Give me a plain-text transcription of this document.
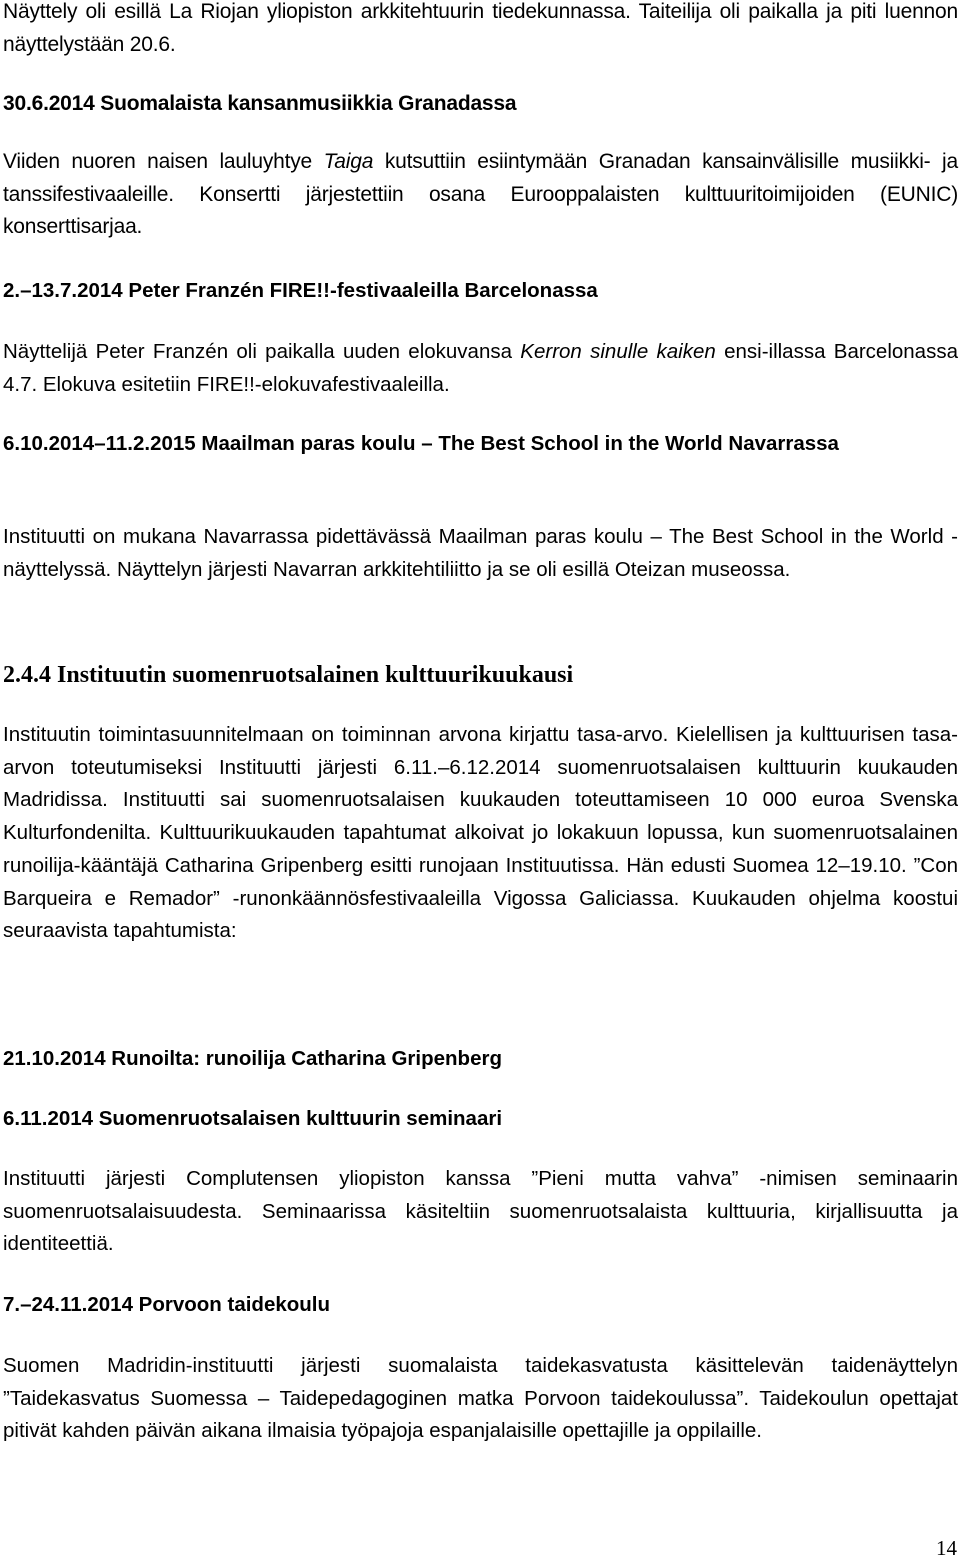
Näyttely oli esillä La Riojan yliopiston arkkitehtuurin tiedekunnassa. Taiteilija oli paikalla ja piti luennon näyttelystään 20.6.

30.6.2014 Suomalaista kansanmusiikkia Granadassa

Viiden nuoren naisen lauluyhtye Taiga kutsuttiin esiintymään Granadan kansainvälisille musiikki- ja tanssifestivaaleille. Konsertti järjestettiin osana Eurooppalaisten kulttuuritoimijoiden (EUNIC) konserttisarjaa.

2.–13.7.2014 Peter Franzén FIRE!!-festivaaleilla Barcelonassa

Näyttelijä Peter Franzén oli paikalla uuden elokuvansa Kerron sinulle kaiken ensi-illassa Barcelonassa 4.7. Elokuva esitetiin FIRE!!-elokuvafestivaaleilla.

6.10.2014–11.2.2015 Maailman paras koulu – The Best School in the World Navarrassa

Instituutti on mukana Navarrassa pidettävässä Maailman paras koulu – The Best School in the World -näyttelyssä. Näyttelyn järjesti Navarran arkkitehtiliitto ja se oli esillä Oteizan museossa.

2.4.4 Instituutin suomenruotsalainen kulttuurikuukausi

Instituutin toimintasuunnitelmaan on toiminnan arvona kirjattu tasa-arvo. Kielellisen ja kulttuurisen tasa-arvon toteutumiseksi Instituutti järjesti 6.11.–6.12.2014 suomenruotsalaisen kulttuurin kuukauden Madridissa. Instituutti sai suomenruotsalaisen kuukauden toteuttamiseen 10 000 euroa Svenska Kulturfondenilta. Kulttuurikuukauden tapahtumat alkoivat jo lokakuun lopussa, kun suomenruotsalainen runoilija-kääntäjä Catharina Gripenberg esitti runojaan Instituutissa. Hän edusti Suomea 12–19.10. ”Con Barqueira e Remador” -runonkäännösfestivaaleilla Vigossa Galiciassa. Kuukauden ohjelma koostui seuraavista tapahtumista:

21.10.2014 Runoilta: runoilija Catharina Gripenberg

6.11.2014 Suomenruotsalaisen kulttuurin seminaari

Instituutti järjesti Complutensen yliopiston kanssa ”Pieni mutta vahva” -nimisen seminaarin suomenruotsalaisuudesta. Seminaarissa käsiteltiin suomenruotsalaista kulttuuria, kirjallisuutta ja identiteettiä.

7.–24.11.2014 Porvoon taidekoulu

Suomen Madridin-instituutti järjesti suomalaista taidekasvatusta käsittelevän taidenäyttelyn ”Taidekasvatus Suomessa – Taidepedagoginen matka Porvoon taidekoulussa”. Taidekoulun opettajat pitivät kahden päivän aikana ilmaisia työpajoja espanjalaisille opettajille ja oppilaille.

14
